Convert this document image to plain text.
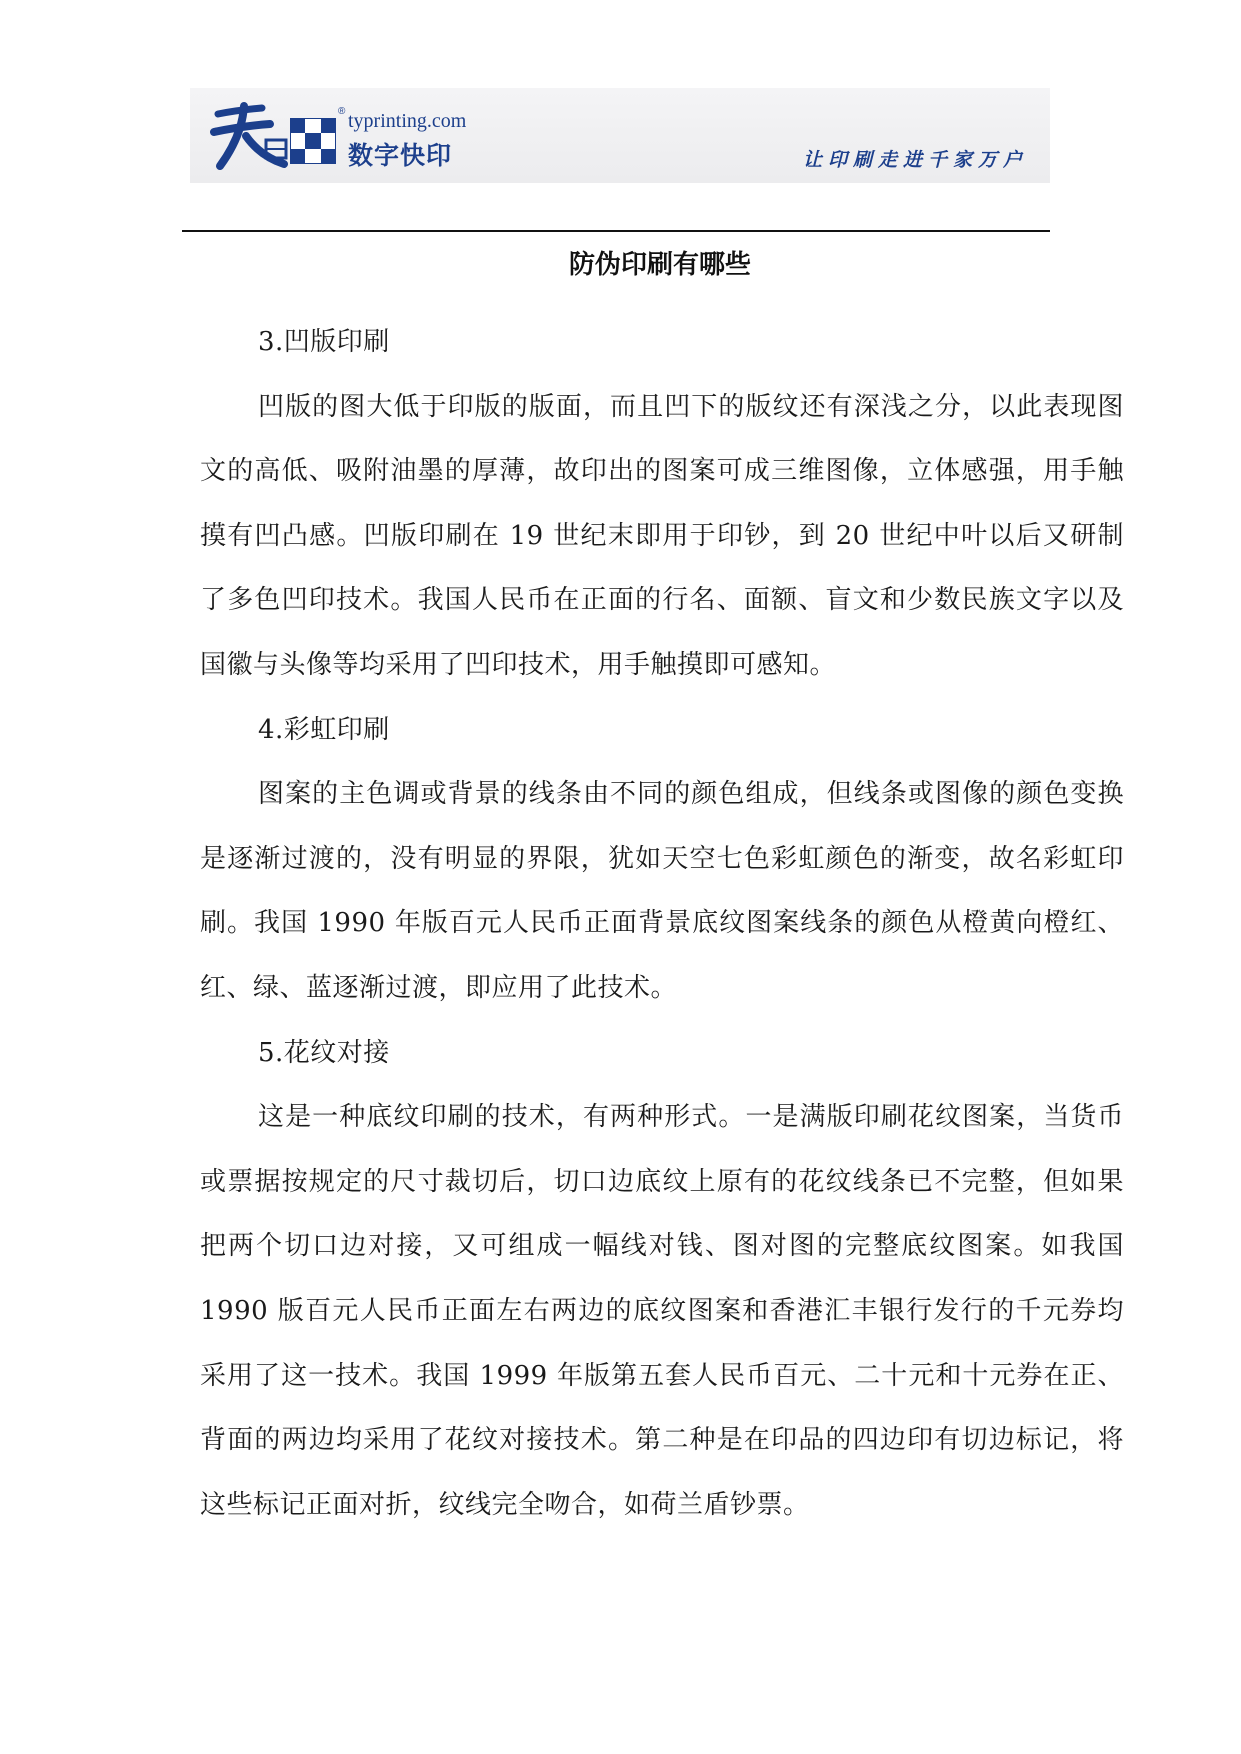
® typrinting.com
数字快印	让印刷走进千家万户
防伪印刷有哪些

3.凹版印刷

凹版的图大低于印版的版面，而且凹下的版纹还有深浅之分，以此表现图文的高低、吸附油墨的厚薄，故印出的图案可成三维图像，立体感强，用手触摸有凹凸感。凹版印刷在 19 世纪末即用于印钞，到 20 世纪中叶以后又研制了多色凹印技术。我国人民币在正面的行名、面额、盲文和少数民族文字以及国徽与头像等均采用了凹印技术，用手触摸即可感知。

4.彩虹印刷

图案的主色调或背景的线条由不同的颜色组成，但线条或图像的颜色变换是逐渐过渡的，没有明显的界限，犹如天空七色彩虹颜色的渐变，故名彩虹印刷。我国 1990 年版百元人民币正面背景底纹图案线条的颜色从橙黄向橙红、红、绿、蓝逐渐过渡，即应用了此技术。

5.花纹对接

这是一种底纹印刷的技术，有两种形式。一是满版印刷花纹图案，当货币或票据按规定的尺寸裁切后，切口边底纹上原有的花纹线条已不完整，但如果把两个切口边对接，又可组成一幅线对钱、图对图的完整底纹图案。如我国 1990 版百元人民币正面左右两边的底纹图案和香港汇丰银行发行的千元券均采用了这一技术。我国 1999 年版第五套人民币百元、二十元和十元券在正、背面的两边均采用了花纹对接技术。第二种是在印品的四边印有切边标记，将这些标记正面对折，纹线完全吻合，如荷兰盾钞票。
